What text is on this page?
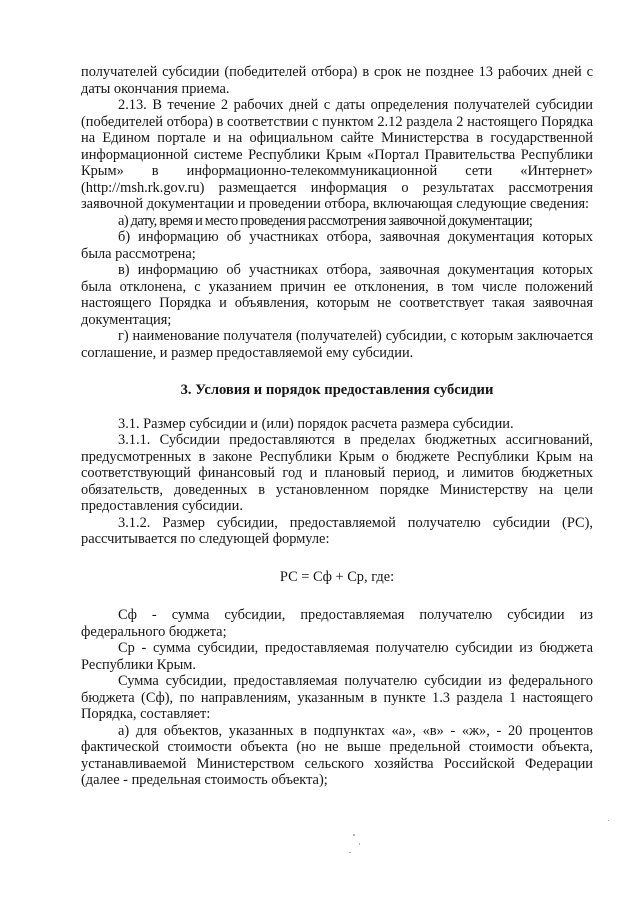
получателей субсидии (победителей отбора) в срок не позднее 13 рабочих дней с даты окончания приема.

2.13. В течение 2 рабочих дней с даты определения получателей субсидии (победителей отбора) в соответствии с пунктом 2.12 раздела 2 настоящего Порядка на Едином портале и на официальном сайте Министерства в государственной информационной системе Республики Крым «Портал Правительства Республики Крым» в информационно-телекоммуникационной сети «Интернет» (http://msh.rk.gov.ru) размещается информация о результатах рассмотрения заявочной документации и проведении отбора, включающая следующие сведения:

а) дату, время и место проведения рассмотрения заявочной документации;

б) информацию об участниках отбора, заявочная документация которых была рассмотрена;

в) информацию об участниках отбора, заявочная документация которых была отклонена, с указанием причин ее отклонения, в том числе положений настоящего Порядка и объявления, которым не соответствует такая заявочная документация;

г) наименование получателя (получателей) субсидии, с которым заключается соглашение, и размер предоставляемой ему субсидии.

3. Условия и порядок предоставления субсидии

3.1. Размер субсидии и (или) порядок расчета размера субсидии.

3.1.1. Субсидии предоставляются в пределах бюджетных ассигнований, предусмотренных в законе Республики Крым о бюджете Республики Крым на соответствующий финансовый год и плановый период, и лимитов бюджетных обязательств, доведенных в установленном порядке Министерству на цели предоставления субсидии.

3.1.2. Размер субсидии, предоставляемой получателю субсидии (РС), рассчитывается по следующей формуле:

РС = Сф + Ср, где:

Сф - сумма субсидии, предоставляемая получателю субсидии из федерального бюджета;

Ср - сумма субсидии, предоставляемая получателю субсидии из бюджета Республики Крым.

Сумма субсидии, предоставляемая получателю субсидии из федерального бюджета (Сф), по направлениям, указанным в пункте 1.3 раздела 1 настоящего Порядка, составляет:

а) для объектов, указанных в подпунктах «а», «в» - «ж», - 20 процентов фактической стоимости объекта (но не выше предельной стоимости объекта, устанавливаемой Министерством сельского хозяйства Российской Федерации (далее - предельная стоимость объекта);
